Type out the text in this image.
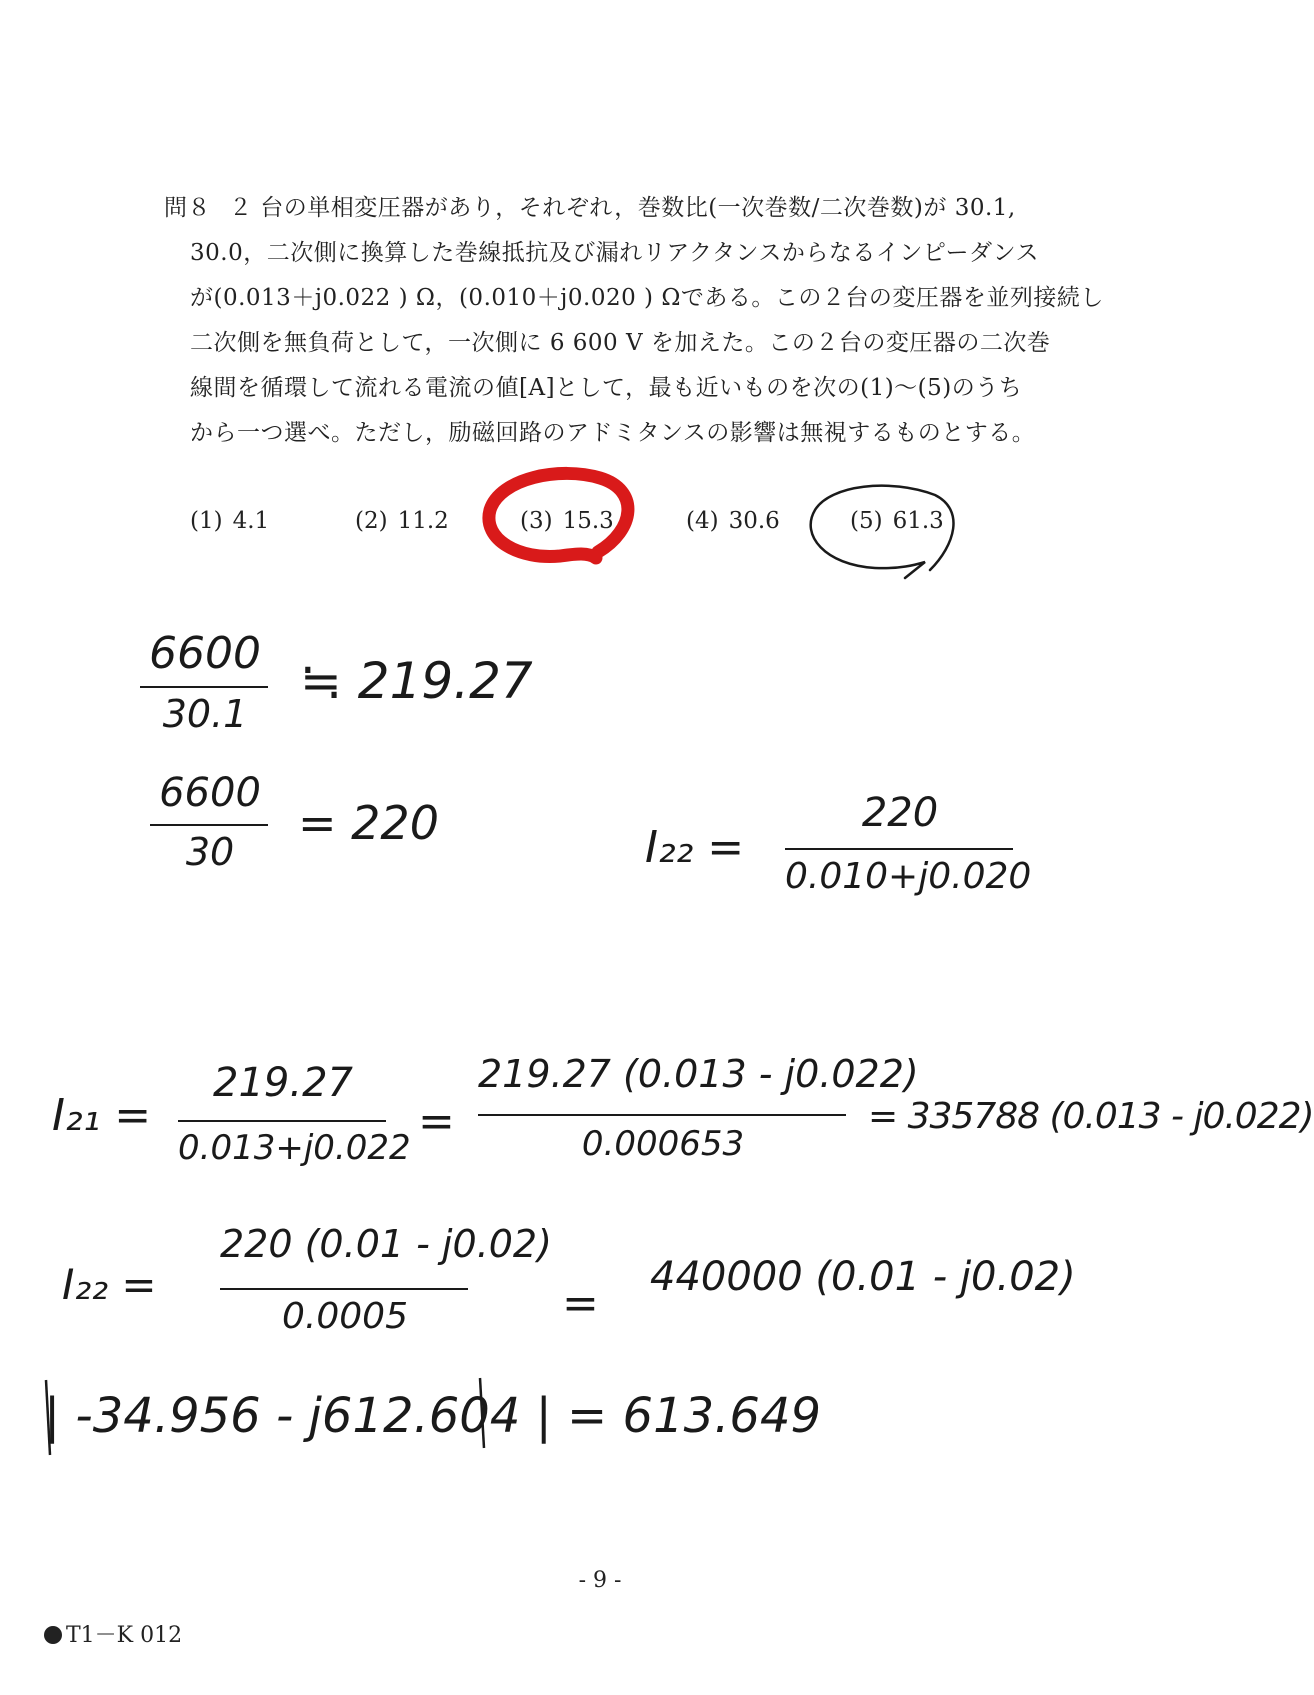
問８ ２ 台の単相変圧器があり，それぞれ，巻数比(一次巻数/二次巻数)が 30.1,
30.0，二次側に換算した巻線抵抗及び漏れリアクタンスからなるインピーダンス
が(0.013＋j0.022 ) Ω，(0.010＋j0.020 ) Ωである。この２台の変圧器を並列接続し
二次側を無負荷として，一次側に 6 600 V を加えた。この２台の変圧器の二次巻
線間を循環して流れる電流の値[A]として，最も近いものを次の(1)～(5)のうち
から一つ選べ。ただし，励磁回路のアドミタンスの影響は無視するものとする。
(1) 4.1	(2) 11.2	(3) 15.3	(4) 30.6	(5) 61.3
6600
30.1
≒ 219.27
6600
30
= 220	I₂₂ =
220
0.010+j0.020
I₂₁ =
219.27
0.013+j0.022
=
219.27 (0.013 - j0.022)
0.000653
= 335788 (0.013 - j0.022)
I₂₂ =
220 (0.01 - j0.02)
0.0005	=
440000 (0.01 - j0.02)
| -34.956 - j612.604 | = 613.649
- 9 -
T1－K 012
